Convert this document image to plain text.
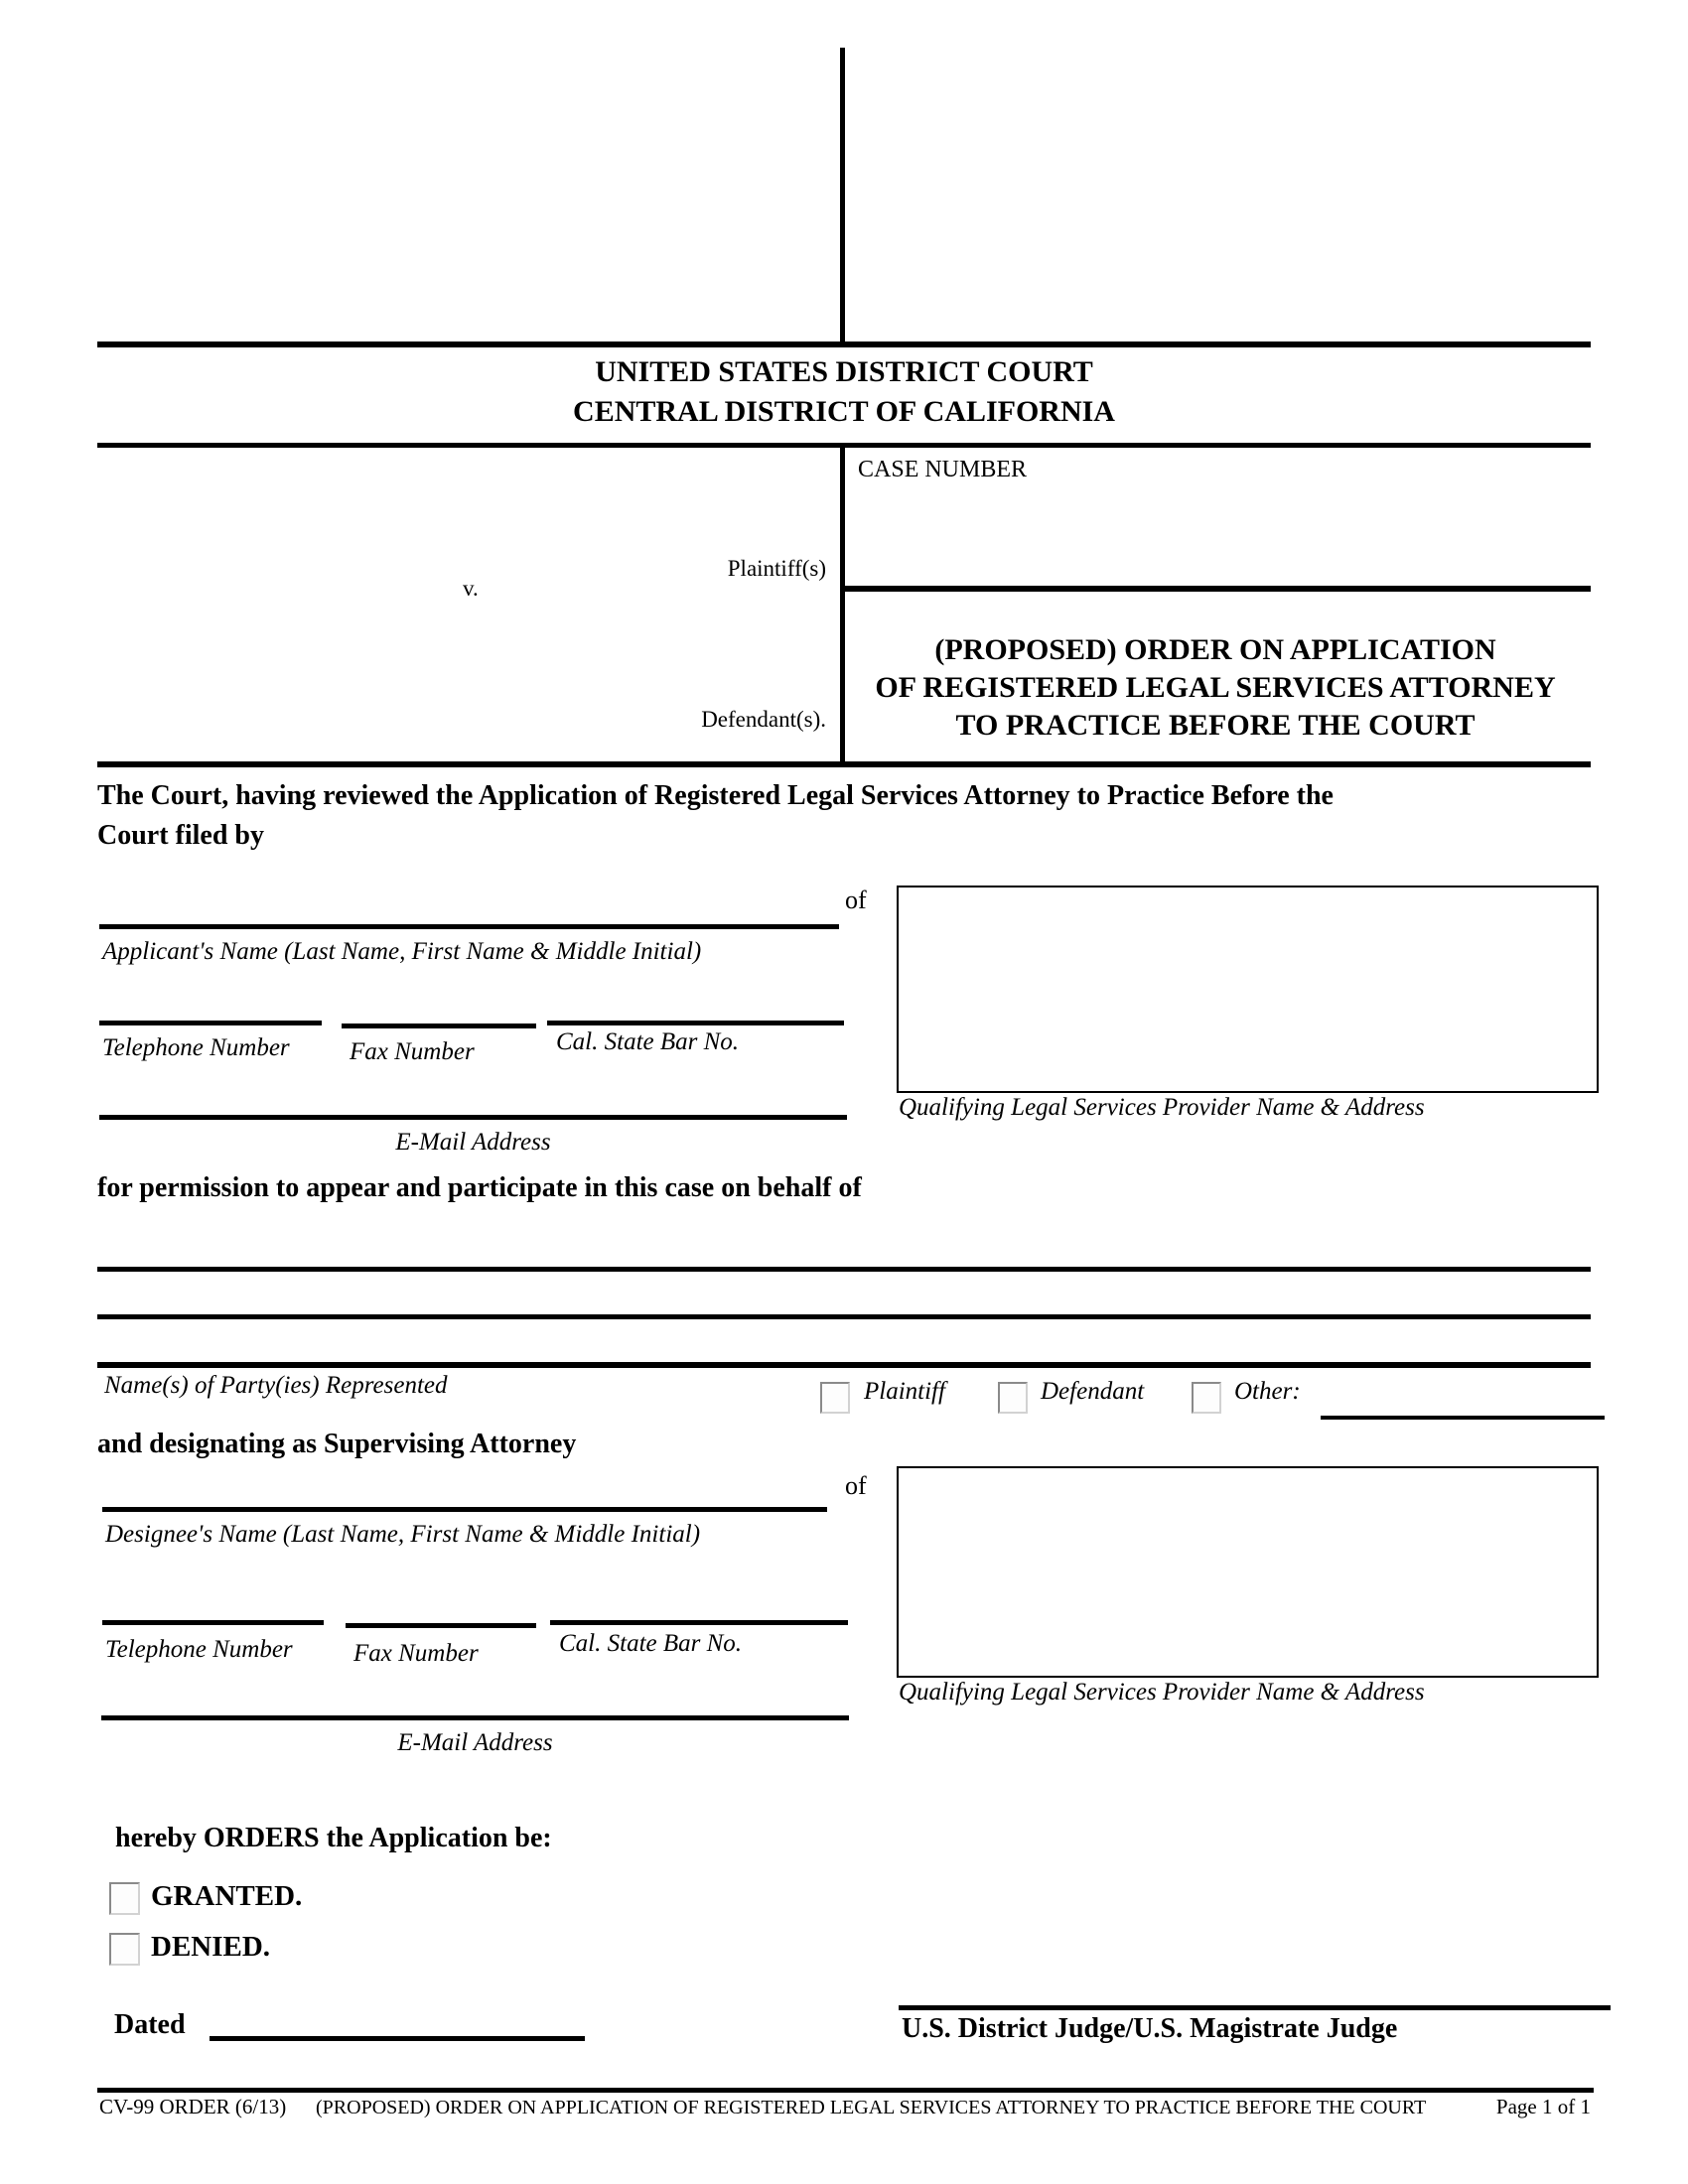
UNITED STATES DISTRICT COURT
CENTRAL DISTRICT OF CALIFORNIA
Plaintiff(s)
v.
Defendant(s).
CASE NUMBER
(PROPOSED) ORDER ON APPLICATION
OF REGISTERED LEGAL SERVICES ATTORNEY
TO PRACTICE BEFORE THE COURT
The Court, having reviewed the Application of Registered Legal Services Attorney to Practice Before the
Court filed by
of
Applicant's Name (Last Name, First Name & Middle Initial)
Telephone Number Fax Number	Cal. State Bar No.
Qualifying Legal Services Provider Name & Address
E-Mail Address
for permission to appear and participate in this case on behalf of
Name(s) of Party(ies) Represented	Plaintiff	Defendant	Other:
and designating as Supervising Attorney
of
Designee's Name (Last Name, First Name & Middle Initial)
Telephone Number Fax Number	Cal. State Bar No.
Qualifying Legal Services Provider Name & Address
E-Mail Address
hereby ORDERS the Application be:
GRANTED.
DENIED.
Dated	U.S. District Judge/U.S. Magistrate Judge
CV-99 ORDER (6/13) (PROPOSED) ORDER ON APPLICATION OF REGISTERED LEGAL SERVICES ATTORNEY TO PRACTICE BEFORE THE COURT	Page 1 of 1
